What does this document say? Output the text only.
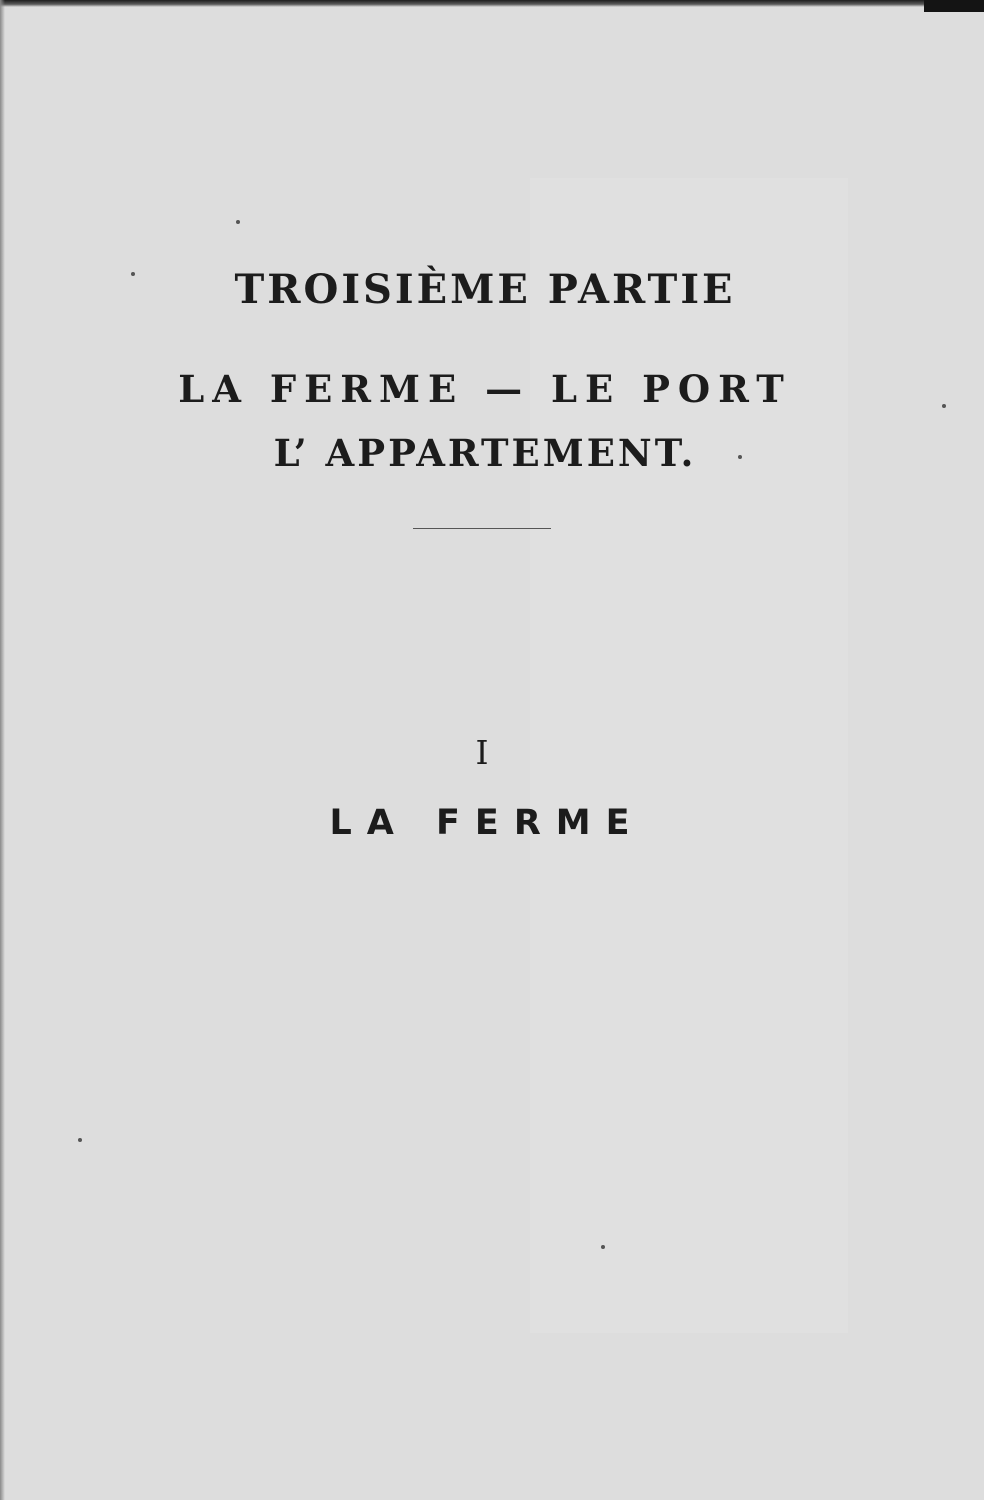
TROISIÈME PARTIE
LA FERME — LE PORT
L’ APPARTEMENT.
I
LA FERME
